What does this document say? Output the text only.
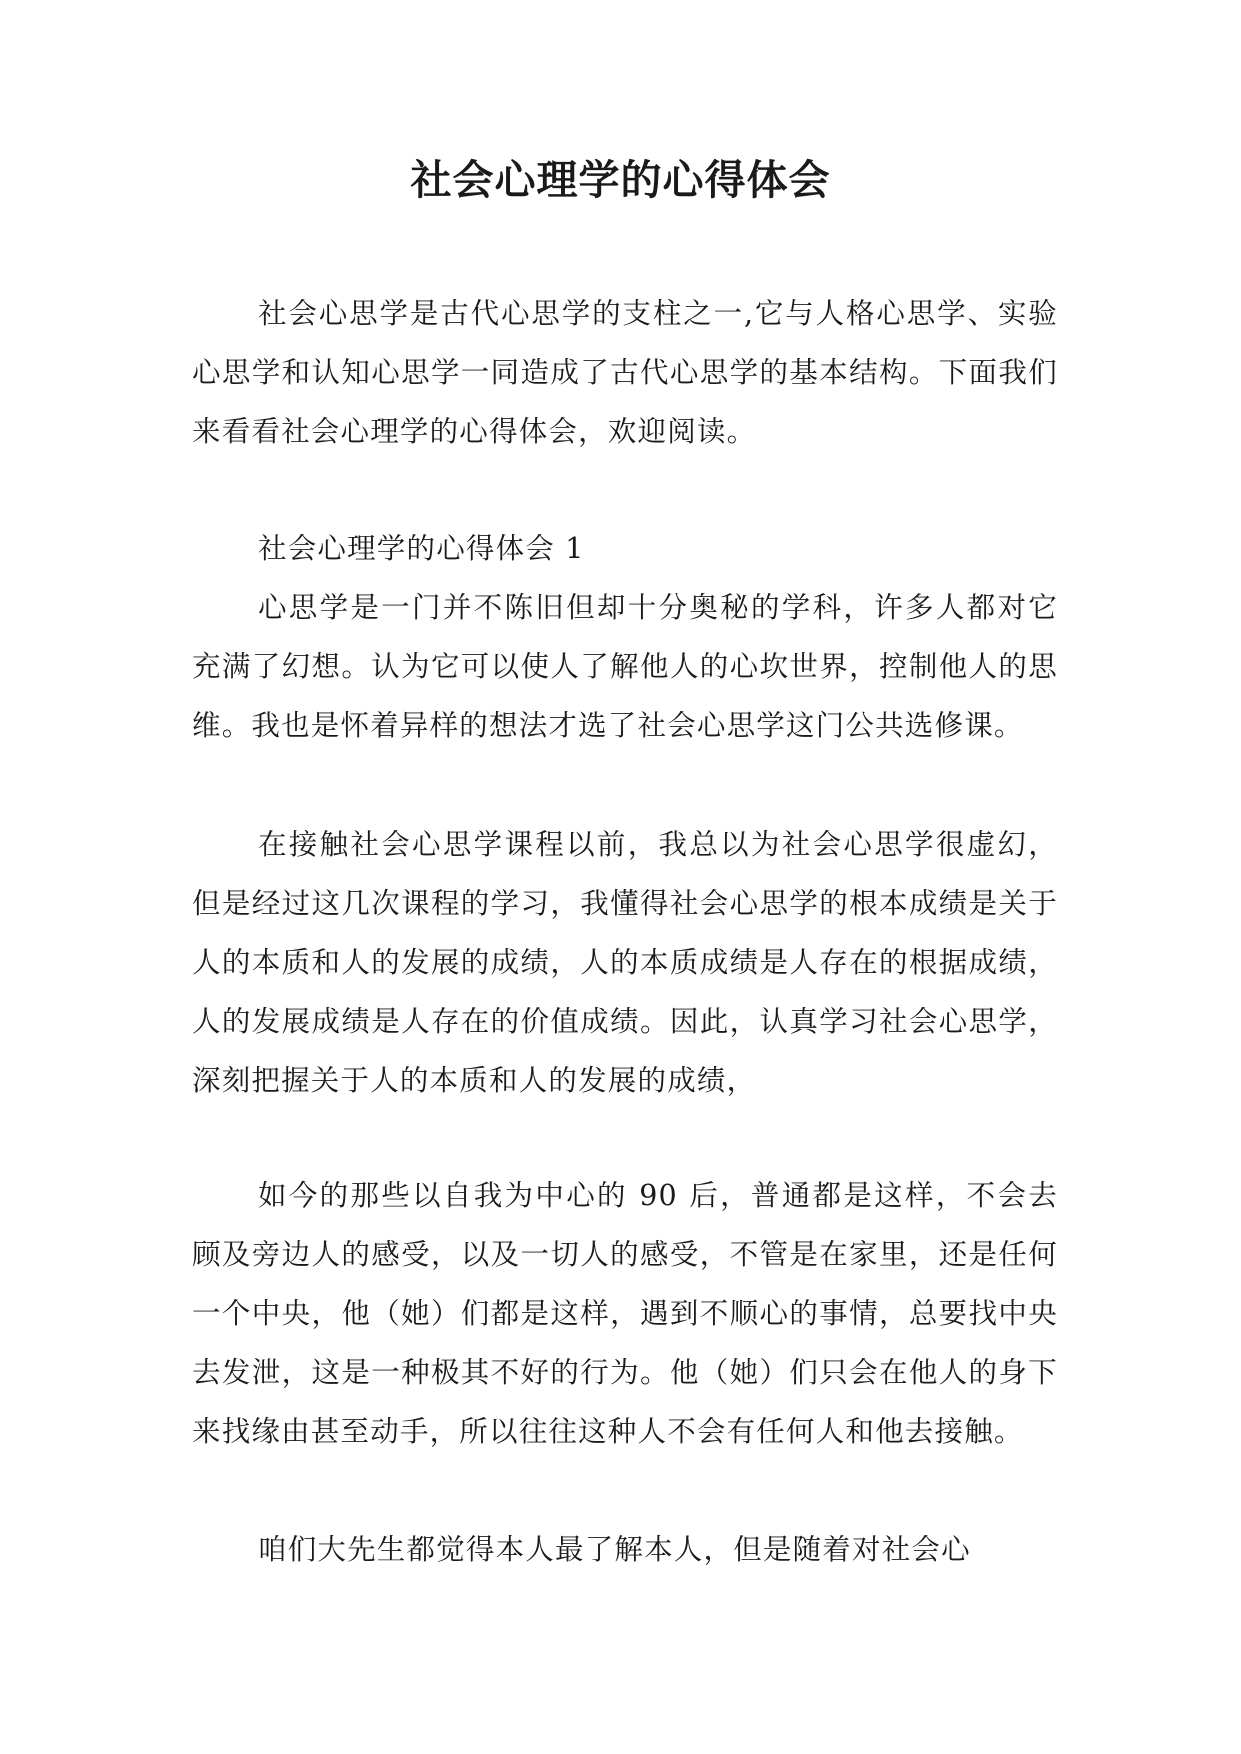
社会心理学的心得体会

社会心思学是古代心思学的支柱之一,它与人格心思学、实验心思学和认知心思学一同造成了古代心思学的基本结构。下面我们来看看社会心理学的心得体会，欢迎阅读。

社会心理学的心得体会 1

心思学是一门并不陈旧但却十分奥秘的学科，许多人都对它充满了幻想。认为它可以使人了解他人的心坎世界，控制他人的思维。我也是怀着异样的想法才选了社会心思学这门公共选修课。

在接触社会心思学课程以前，我总以为社会心思学很虚幻，但是经过这几次课程的学习，我懂得社会心思学的根本成绩是关于人的本质和人的发展的成绩，人的本质成绩是人存在的根据成绩，人的发展成绩是人存在的价值成绩。因此，认真学习社会心思学，深刻把握关于人的本质和人的发展的成绩，

如今的那些以自我为中心的 90 后，普通都是这样，不会去顾及旁边人的感受，以及一切人的感受，不管是在家里，还是任何一个中央，他（她）们都是这样，遇到不顺心的事情，总要找中央去发泄，这是一种极其不好的行为。他（她）们只会在他人的身下来找缘由甚至动手，所以往往这种人不会有任何人和他去接触。

咱们大先生都觉得本人最了解本人，但是随着对社会心
